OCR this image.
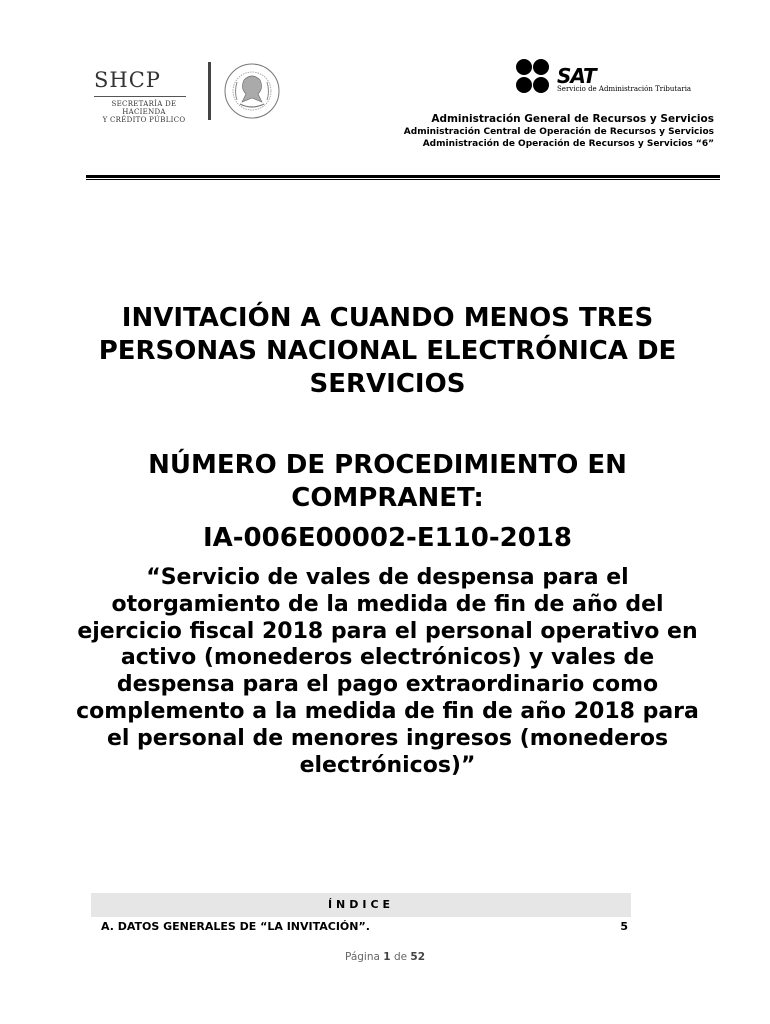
SHCP
SECRETARÍA DE HACIENDA
Y CRÉDITO PÚBLICO
SAT
Servicio de Administración Tributaria
Administración General de Recursos y Servicios
Administración Central de Operación de Recursos y Servicios
Administración de Operación de Recursos y Servicios “6”
INVITACIÓN A CUANDO MENOS TRES PERSONAS NACIONAL ELECTRÓNICA DE SERVICIOS
NÚMERO DE PROCEDIMIENTO EN COMPRANET:
IA-006E00002-E110-2018
“Servicio de vales de despensa para el otorgamiento de la medida de fin de año del ejercicio fiscal 2018 para el personal operativo en activo (monederos electrónicos) y vales de despensa para el pago extraordinario como complemento a la medida de fin de año 2018 para el personal de menores ingresos (monederos electrónicos)”
ÍNDICE
A. DATOS GENERALES DE “LA INVITACIÓN”.	5
Página 1 de 52
